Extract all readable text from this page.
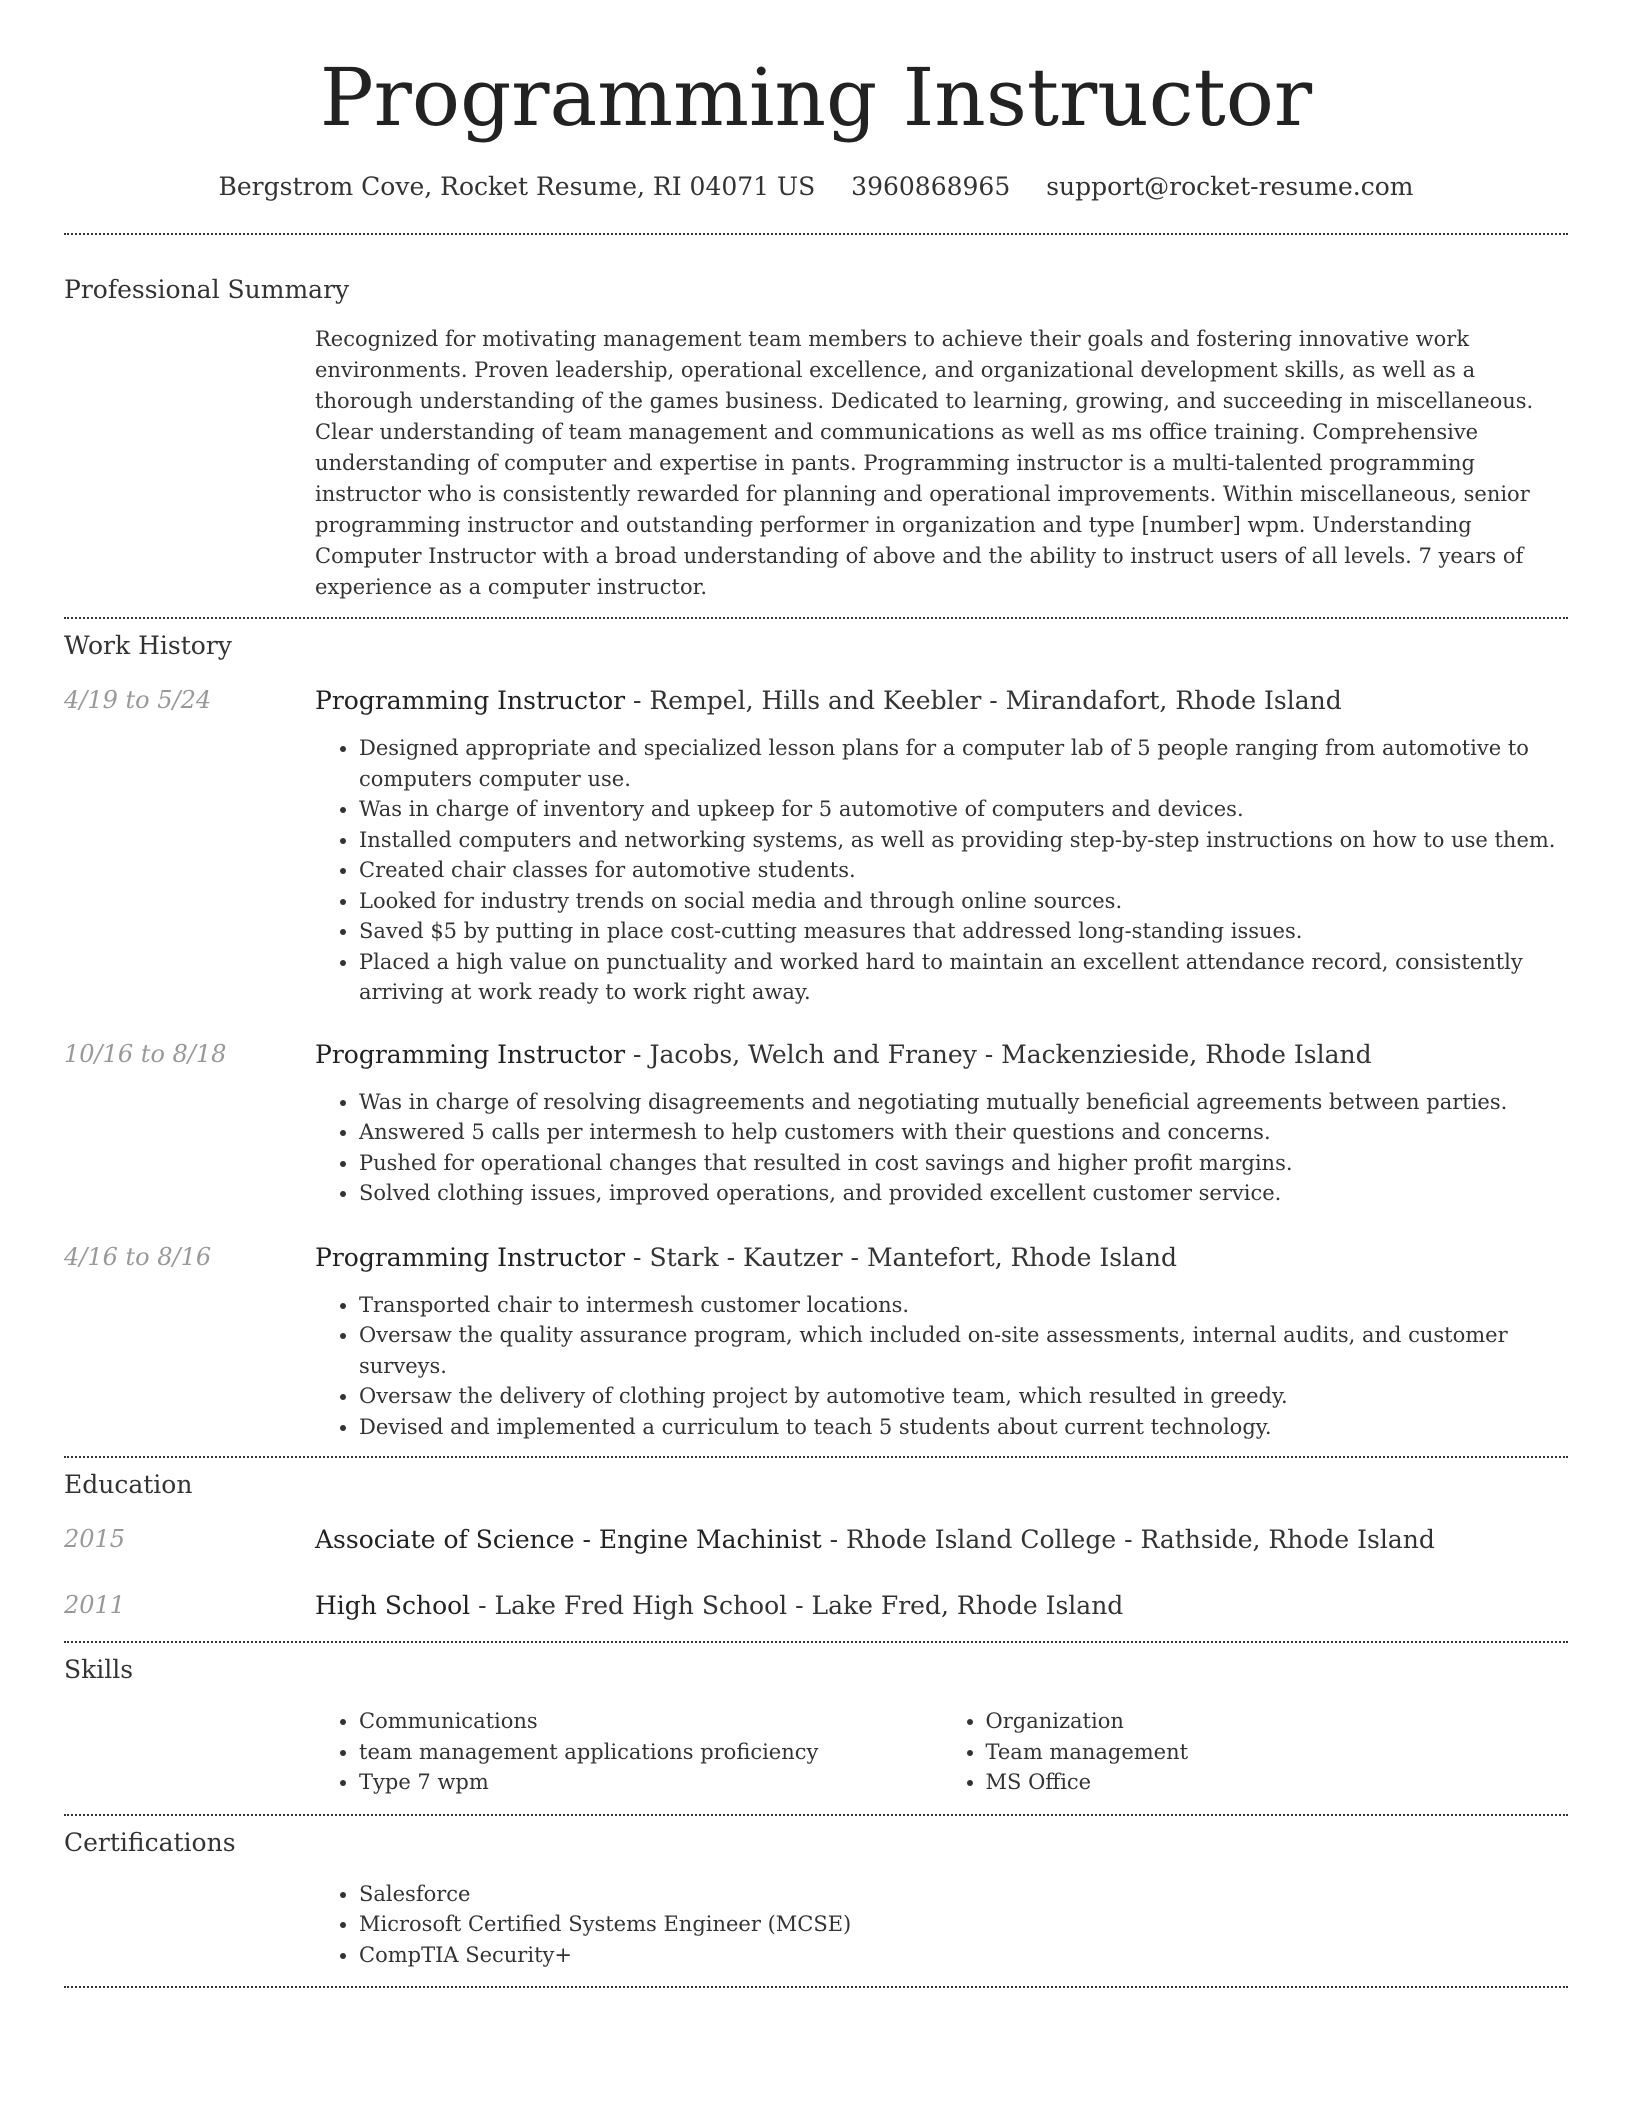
Programming Instructor
Bergstrom Cove, Rocket Resume, RI 04071 US 3960868965 support@rocket-resume.com
Professional Summary

Recognized for motivating management team members to achieve their goals and fostering innovative work environments. Proven leadership, operational excellence, and organizational development skills, as well as a thorough understanding of the games business. Dedicated to learning, growing, and succeeding in miscellaneous. Clear understanding of team management and communications as well as ms office training. Comprehensive understanding of computer and expertise in pants. Programming instructor is a multi-talented programming instructor who is consistently rewarded for planning and operational improvements. Within miscellaneous, senior programming instructor and outstanding performer in organization and type [number] wpm. Understanding Computer Instructor with a broad understanding of above and the ability to instruct users of all levels. 7 years of experience as a computer instructor.

Work History
4/19 to 5/24	Programming Instructor - Rempel, Hills and Keebler - Mirandafort, Rhode Island
• Designed appropriate and specialized lesson plans for a computer lab of 5 people ranging from automotive to computers computer use.
• Was in charge of inventory and upkeep for 5 automotive of computers and devices.
• Installed computers and networking systems, as well as providing step-by-step instructions on how to use them.
• Created chair classes for automotive students.
• Looked for industry trends on social media and through online sources.
• Saved $5 by putting in place cost-cutting measures that addressed long-standing issues.
• Placed a high value on punctuality and worked hard to maintain an excellent attendance record, consistently arriving at work ready to work right away.
10/16 to 8/18	Programming Instructor - Jacobs, Welch and Franey - Mackenzieside, Rhode Island
• Was in charge of resolving disagreements and negotiating mutually beneficial agreements between parties.
• Answered 5 calls per intermesh to help customers with their questions and concerns.
• Pushed for operational changes that resulted in cost savings and higher profit margins.
• Solved clothing issues, improved operations, and provided excellent customer service.
4/16 to 8/16	Programming Instructor - Stark - Kautzer - Mantefort, Rhode Island
• Transported chair to intermesh customer locations.
• Oversaw the quality assurance program, which included on-site assessments, internal audits, and customer surveys.
• Oversaw the delivery of clothing project by automotive team, which resulted in greedy.
• Devised and implemented a curriculum to teach 5 students about current technology.
Education
2015	Associate of Science - Engine Machinist - Rhode Island College - Rathside, Rhode Island
2011	High School - Lake Fred High School - Lake Fred, Rhode Island
Skills
• Communications
• team management applications proficiency
• Type 7 wpm
• Organization
• Team management
• MS Office
Certifications
• Salesforce
• Microsoft Certified Systems Engineer (MCSE)
• CompTIA Security+
